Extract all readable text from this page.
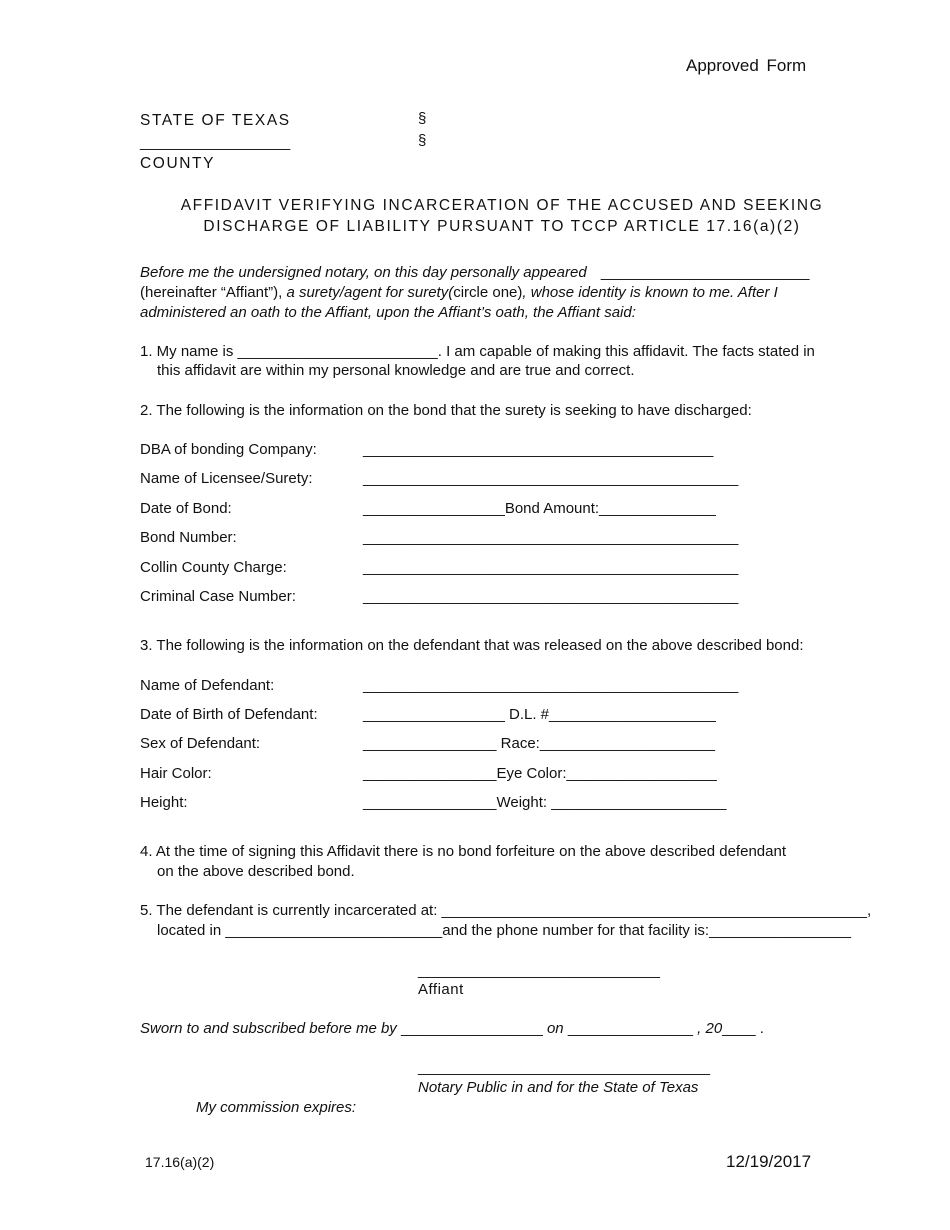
Approved Form
STATE OF TEXAS	§
__________________	§
COUNTY
AFFIDAVIT VERIFYING INCARCERATION OF THE ACCUSED AND SEEKING
DISCHARGE OF LIABILITY PURSUANT TO TCCP ARTICLE 17.16(a)(2)
Before me the undersigned notary, on this day personally appeared _________________________
(hereinafter “Affiant”), a surety/agent for surety(circle one), whose identity is known to me. After I
administered an oath to the Affiant, upon the Affiant’s oath, the Affiant said:
1. My name is ________________________. I am capable of making this affidavit. The facts stated in
this affidavit are within my personal knowledge and are true and correct.
2. The following is the information on the bond that the surety is seeking to have discharged:
DBA of bonding Company:	__________________________________________
Name of Licensee/Surety:	_____________________________________________
Date of Bond:	_________________Bond Amount:______________
Bond Number:	_____________________________________________
Collin County Charge:	_____________________________________________
Criminal Case Number:	_____________________________________________
3. The following is the information on the defendant that was released on the above described bond:
Name of Defendant:	_____________________________________________
Date of Birth of Defendant:	_________________ D.L. #____________________
Sex of Defendant:	________________ Race:_____________________
Hair Color:	________________Eye Color:__________________
Height:	________________Weight: _____________________
4. At the time of signing this Affidavit there is no bond forfeiture on the above described defendant
on the above described bond.
5. The defendant is currently incarcerated at: ___________________________________________________,
located in __________________________and the phone number for that facility is:_________________
_____________________________
Affiant
Sworn to and subscribed before me by _________________ on _______________ , 20____ .
___________________________________
Notary Public in and for the State of Texas
My commission expires:
17.16(a)(2)	12/19/2017
